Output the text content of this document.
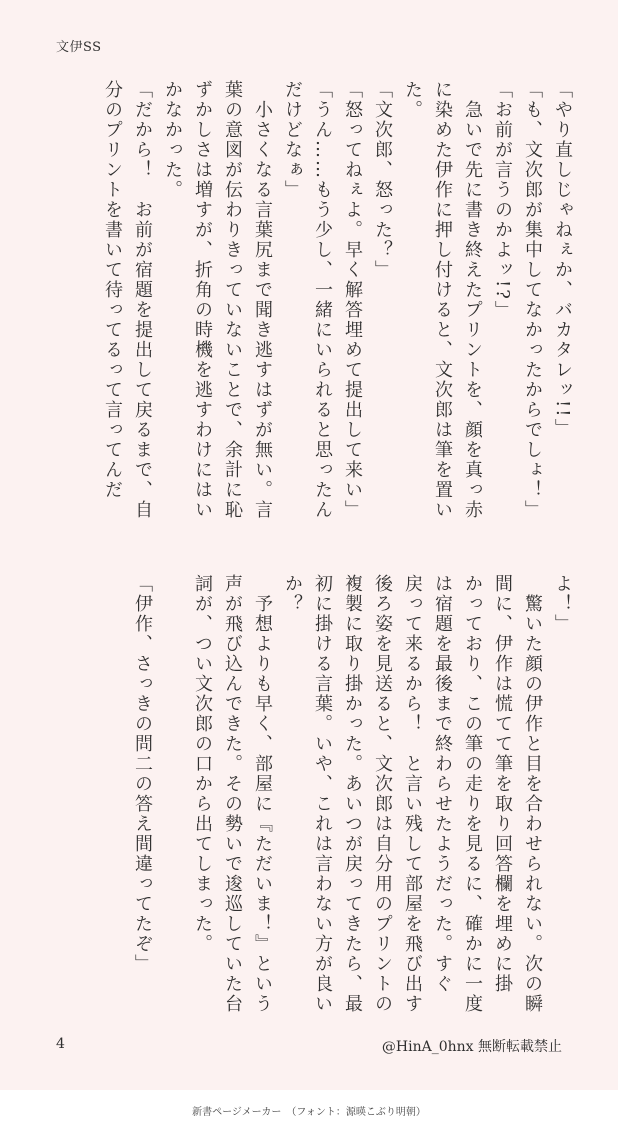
文伊SS
「やり直しじゃねぇか、バカタレッ!!」
「も、文次郎が集中してなかったからでしょ！」
「お前が言うのかよッ!?」
　急いで先に書き終えたプリントを、顔を真っ赤
に染めた伊作に押し付けると、文次郎は筆を置い
た。
「文次郎、怒った？」
「怒ってねぇよ。早く解答埋めて提出して来い」
「うん……もう少し、一緒にいられると思ったん
だけどなぁ」
　小さくなる言葉尻まで聞き逃すはずが無い。言
葉の意図が伝わりきっていないことで、余計に恥
ずかしさは増すが、折角の時機を逃すわけにはい
かなかった。
「だから！　お前が宿題を提出して戻るまで、自
分のプリントを書いて待ってるって言ってんだ
よ！」
　驚いた顔の伊作と目を合わせられない。次の瞬
間に、伊作は慌てて筆を取り回答欄を埋めに掛
かっており、この筆の走りを見るに、確かに一度
は宿題を最後まで終わらせたようだった。すぐ
戻って来るから！　と言い残して部屋を飛び出す
後ろ姿を見送ると、文次郎は自分用のプリントの
複製に取り掛かった。あいつが戻ってきたら、最
初に掛ける言葉。いや、これは言わない方が良い
か？
　予想よりも早く、部屋に『ただいま！』という
声が飛び込んできた。その勢いで逡巡していた台
詞が、つい文次郎の口から出てしまった。

「伊作、さっきの問二の答え間違ってたぞ」
4	@HinA_0hnx 無断転載禁止
新書ページメーカー　（フォント：源暎こぶり明朝）
